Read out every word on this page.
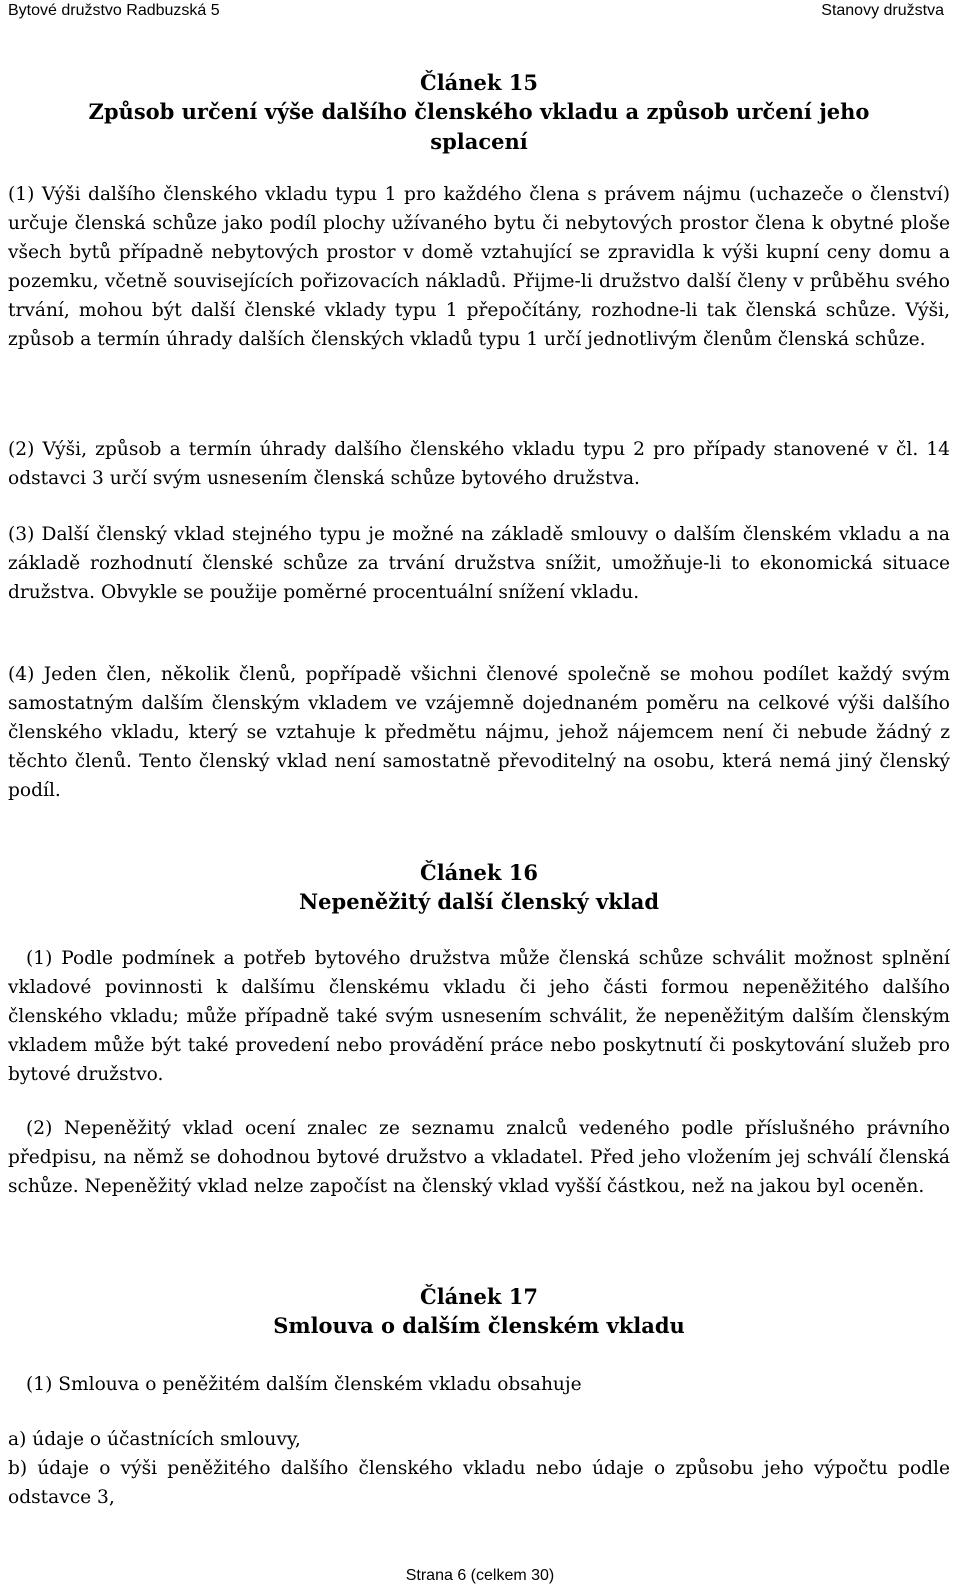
Bytové družstvo Radbuzská 5	Stanovy družstva
Článek 15
Způsob určení výše dalšího členského vkladu a způsob určení jeho splacení

(1) Výši dalšího členského vkladu typu 1 pro každého člena s právem nájmu (uchazeče o členství) určuje členská schůze jako podíl plochy užívaného bytu či nebytových prostor člena k obytné ploše všech bytů případně nebytových prostor v domě vztahující se zpravidla k výši kupní ceny domu a pozemku, včetně souvisejících pořizovacích nákladů. Přijme-li družstvo další členy v průběhu svého trvání, mohou být další členské vklady typu 1 přepočítány, rozhodne-li tak členská schůze. Výši, způsob a termín úhrady dalších členských vkladů typu 1 určí jednotlivým členům členská schůze.

(2) Výši, způsob a termín úhrady dalšího členského vkladu typu 2 pro případy stanovené v čl. 14 odstavci 3 určí svým usnesením členská schůze bytového družstva.

(3) Další členský vklad stejného typu je možné na základě smlouvy o dalším členském vkladu a na základě rozhodnutí členské schůze za trvání družstva snížit, umožňuje-li to ekonomická situace družstva. Obvykle se použije poměrné procentuální snížení vkladu.

(4) Jeden člen, několik členů, popřípadě všichni členové společně se mohou podílet každý svým samostatným dalším členským vkladem ve vzájemně dojednaném poměru na celkové výši dalšího členského vkladu, který se vztahuje k předmětu nájmu, jehož nájemcem není či nebude žádný z těchto členů. Tento členský vklad není samostatně převoditelný na osobu, která nemá jiný členský podíl.

Článek 16
Nepeněžitý další členský vklad

(1) Podle podmínek a potřeb bytového družstva může členská schůze schválit možnost splnění vkladové povinnosti k dalšímu členskému vkladu či jeho části formou nepeněžitého dalšího členského vkladu; může případně také svým usnesením schválit, že nepeněžitým dalším členským vkladem může být také provedení nebo provádění práce nebo poskytnutí či poskytování služeb pro bytové družstvo.

(2) Nepeněžitý vklad ocení znalec ze seznamu znalců vedeného podle příslušného právního předpisu, na němž se dohodnou bytové družstvo a vkladatel. Před jeho vložením jej schválí členská schůze. Nepeněžitý vklad nelze započíst na členský vklad vyšší částkou, než na jakou byl oceněn.

Článek 17
Smlouva o dalším členském vkladu

(1) Smlouva o peněžitém dalším členském vkladu obsahuje

a) údaje o účastnících smlouvy,

b) údaje o výši peněžitého dalšího členského vkladu nebo údaje o způsobu jeho výpočtu podle odstavce 3,

Strana 6 (celkem 30)
